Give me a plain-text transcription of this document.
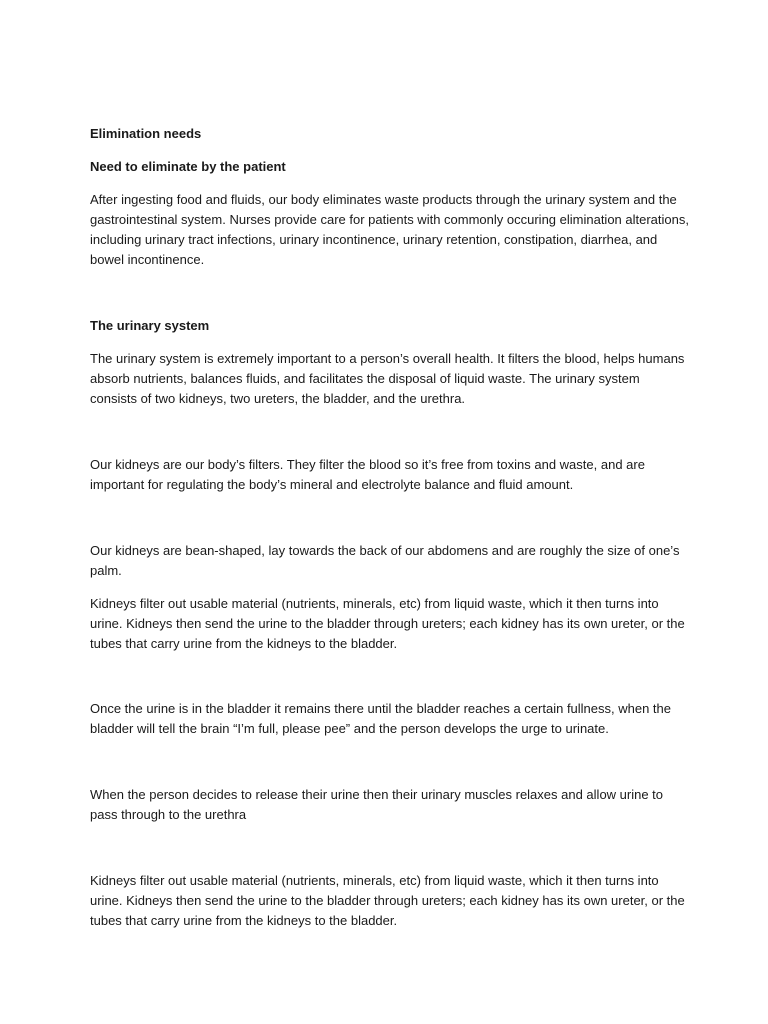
Elimination needs

Need to eliminate by the patient

After ingesting food and fluids, our body eliminates waste products through the urinary system and the gastrointestinal system. Nurses provide care for patients with commonly occuring elimination alterations, including urinary tract infections, urinary incontinence, urinary retention, constipation, diarrhea, and bowel incontinence.

The urinary system

The urinary system is extremely important to a person’s overall health. It filters the blood, helps humans absorb nutrients, balances fluids, and facilitates the disposal of liquid waste. The urinary system consists of two kidneys, two ureters, the bladder, and the urethra.

Our kidneys are our body’s filters. They filter the blood so it’s free from toxins and waste, and are important for regulating the body’s mineral and electrolyte balance and fluid amount.

Our kidneys are bean-shaped, lay towards the back of our abdomens and are roughly the size of one’s palm.

Kidneys filter out usable material (nutrients, minerals, etc) from liquid waste, which it then turns into urine. Kidneys then send the urine to the bladder through ureters; each kidney has its own ureter, or the tubes that carry urine from the kidneys to the bladder.

Once the urine is in the bladder it remains there until the bladder reaches a certain fullness, when the bladder will tell the brain “I’m full, please pee” and the person develops the urge to urinate.

When the person decides to release their urine then their urinary muscles relaxes and allow urine to pass through to the urethra

Kidneys filter out usable material (nutrients, minerals, etc) from liquid waste, which it then turns into urine. Kidneys then send the urine to the bladder through ureters; each kidney has its own ureter, or the tubes that carry urine from the kidneys to the bladder.
